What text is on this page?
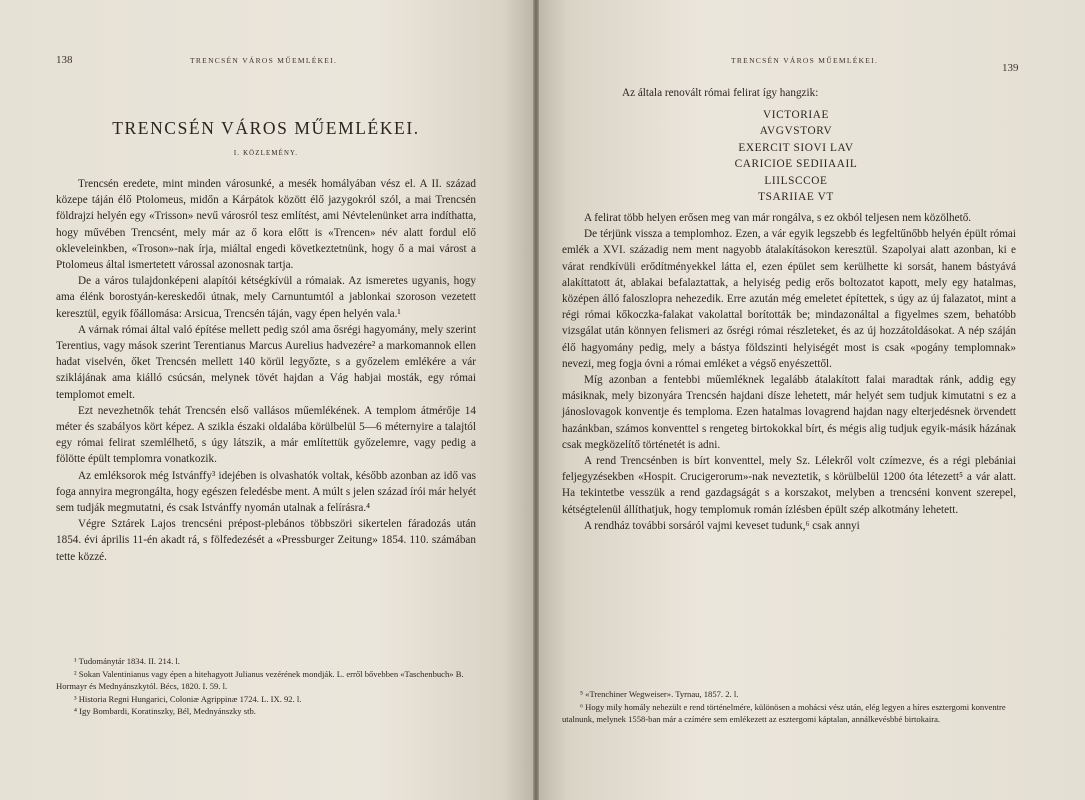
138	TRENCSÉN VÁROS MŰEMLÉKEI.
TRENCSÉN VÁROS MŰEMLÉKEI.
I. KÖZLEMÉNY.

Trencsén eredete, mint minden városunké, a mesék homályában vész el. A II. század közepe táján élő Ptolomeus, midőn a Kárpátok között élő jazygokról szól, a mai Trencsén földrajzi helyén egy «Trisson» nevű városról tesz említést, ami Névtelenünket arra indíthatta, hogy művében Trencsént, mely már az ő kora előtt is «Trencen» név alatt fordul elő okleveleinkben, «Troson»-nak írja, miáltal engedi következtetnünk, hogy ő a mai várost a Ptolomeus által ismertetett várossal azonosnak tartja.

De a város tulajdonképeni alapítói kétségkívül a rómaiak. Az ismeretes ugyanis, hogy ama élénk borostyán-kereskedői útnak, mely Carnuntumtól a jablonkai szoroson vezetett keresztül, egyik főállomása: Arsicua, Trencsén táján, vagy épen helyén vala.¹

A várnak római által való építése mellett pedig szól ama ősrégi hagyomány, mely szerint Terentius, vagy mások szerint Terentianus Marcus Aurelius hadvezére² a markomannok ellen hadat viselvén, őket Trencsén mellett 140 körül legyőzte, s a győzelem emlékére a vár sziklájának ama kiálló csúcsán, melynek tövét hajdan a Vág habjai mosták, egy római templomot emelt.

Ezt nevezhetnők tehát Trencsén első vallásos műemlékének. A templom átmérője 14 méter és szabályos kört képez. A szikla északi oldalába körülbelül 5—6 méternyire a talajtól egy római felirat szemlélhető, s úgy látszik, a már említettük győzelemre, vagy pedig a fölötte épült templomra vonatkozik.

Az emléksorok még Istvánffy³ idejében is olvashatók voltak, később azonban az idő vas foga annyira megrongálta, hogy egészen feledésbe ment. A múlt s jelen század írói már helyét sem tudják megmutatni, és csak Istvánffy nyomán utalnak a felírásra.⁴

Végre Sztárek Lajos trencséni prépost-plebános többszöri sikertelen fáradozás után 1854. évi április 11-én akadt rá, s fölfedezését a «Pressburger Zeitung» 1854. 110. számában tette közzé.

¹ Tudománytár 1834. II. 214. l.
² Sokan Valentinianus vagy épen a hitehagyott Julianus vezérének mondják. L. erről bővebben «Taschenbuch» B. Hormayr és Mednyánszkytól. Bécs, 1820. I. 59. l.
³ Historia Regni Hungarici, Coloniæ Agrippinæ 1724. L. IX. 92. l.
⁴ Igy Bombardi, Koratinszky, Bél, Mednyánszky stb.
TRENCSÉN VÁROS MŰEMLÉKEI.
139

Az általa renovált római felirat így hangzik:

VICTORIAE
AVGVSTORV
EXERCIT SIOVI LAV
CARICIOE SEDIIAAIL
LIILSCCOE
TSARIIAE VT

A felirat több helyen erősen meg van már rongálva, s ez okból teljesen nem közölhető.

De térjünk vissza a templomhoz. Ezen, a vár egyik legszebb és legfeltűnőbb helyén épült római emlék a XVI. századig nem ment nagyobb átalakításokon keresztül. Szapolyai alatt azonban, ki e várat rendkívüli erődítményekkel látta el, ezen épület sem kerülhette ki sorsát, hanem bástyává alakíttatott át, ablakai befalaztattak, a helyiség pedig erős boltozatot kapott, mely egy hatalmas, középen álló faloszlopra nehezedik. Erre azután még emeletet építettek, s úgy az új falazatot, mint a régi római kőkoczka-falakat vakolattal borították be; mindazonáltal a figyelmes szem, behatóbb vizsgálat után könnyen felismeri az ősrégi római részleteket, és az új hozzátoldásokat. A nép száján élő hagyomány pedig, mely a bástya földszinti helyiségét most is csak «pogány templomnak» nevezi, meg fogja óvni a római emléket a végső enyészettől.

Míg azonban a fentebbi műemléknek legalább átalakított falai maradtak ránk, addig egy másiknak, mely bizonyára Trencsén hajdani dísze lehetett, már helyét sem tudjuk kimutatni s ez a jánoslovagok konventje és temploma. Ezen hatalmas lovagrend hajdan nagy elterjedésnek örvendett hazánkban, számos konventtel s rengeteg birtokokkal bírt, és mégis alig tudjuk egyik-másik házának csak megközelítő történetét is adni.

A rend Trencsénben is bírt konventtel, mely Sz. Lélekről volt czímezve, és a régi plebániai feljegyzésekben «Hospit. Crucigerorum»-nak neveztetik, s körülbelül 1200 óta létezett⁵ a vár alatt. Ha tekintetbe vesszük a rend gazdagságát s a korszakot, melyben a trencséni konvent szerepel, kétségtelenül állíthatjuk, hogy templomuk román ízlésben épült szép alkotmány lehetett.

A rendház további sorsáról vajmi keveset tudunk,⁶ csak annyi

⁵ «Trenchiner Wegweiser». Tyrnau, 1857. 2. l.
⁶ Hogy mily homály nehezült e rend történelmére, különösen a mohácsi vész után, elég legyen a híres esztergomi konventre utalnunk, melynek 1558-ban már a czímére sem emlékezett az esztergomi káptalan, annálkevésbbé birtokaira.
